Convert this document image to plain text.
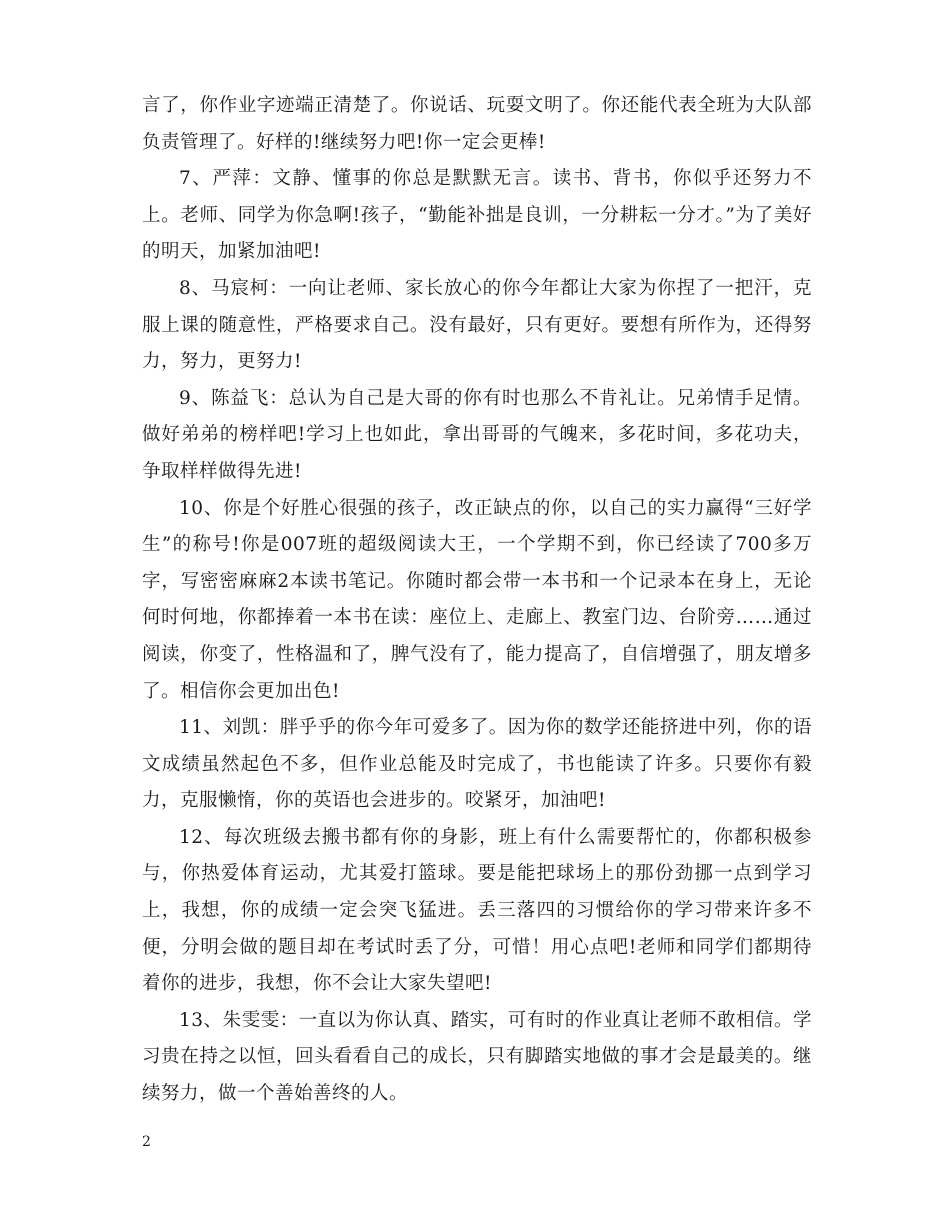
言了，你作业字迹端正清楚了。你说话、玩耍文明了。你还能代表全班为大队部负责管理了。好样的!继续努力吧!你一定会更棒!

7、严萍：文静、懂事的你总是默默无言。读书、背书，你似乎还努力不上。老师、同学为你急啊!孩子，“勤能补拙是良训，一分耕耘一分才。”为了美好的明天，加紧加油吧!

8、马宸柯：一向让老师、家长放心的你今年都让大家为你捏了一把汗，克服上课的随意性，严格要求自己。没有最好，只有更好。要想有所作为，还得努力，努力，更努力!

9、陈益飞：总认为自己是大哥的你有时也那么不肯礼让。兄弟情手足情。做好弟弟的榜样吧!学习上也如此，拿出哥哥的气魄来，多花时间，多花功夫，争取样样做得先进!

10、你是个好胜心很强的孩子，改正缺点的你，以自己的实力赢得“三好学生”的称号!你是007班的超级阅读大王，一个学期不到，你已经读了700多万字，写密密麻麻2本读书笔记。你随时都会带一本书和一个记录本在身上，无论何时何地，你都捧着一本书在读：座位上、走廊上、教室门边、台阶旁……通过阅读，你变了，性格温和了，脾气没有了，能力提高了，自信增强了，朋友增多了。相信你会更加出色!

11、刘凯：胖乎乎的你今年可爱多了。因为你的数学还能挤进中列，你的语文成绩虽然起色不多，但作业总能及时完成了，书也能读了许多。只要你有毅力，克服懒惰，你的英语也会进步的。咬紧牙，加油吧!

12、每次班级去搬书都有你的身影，班上有什么需要帮忙的，你都积极参与，你热爱体育运动，尤其爱打篮球。要是能把球场上的那份劲挪一点到学习上，我想，你的成绩一定会突飞猛进。丢三落四的习惯给你的学习带来许多不便，分明会做的题目却在考试时丢了分，可惜！用心点吧!老师和同学们都期待着你的进步，我想，你不会让大家失望吧!

13、朱雯雯：一直以为你认真、踏实，可有时的作业真让老师不敢相信。学习贵在持之以恒，回头看看自己的成长，只有脚踏实地做的事才会是最美的。继续努力，做一个善始善终的人。

2
